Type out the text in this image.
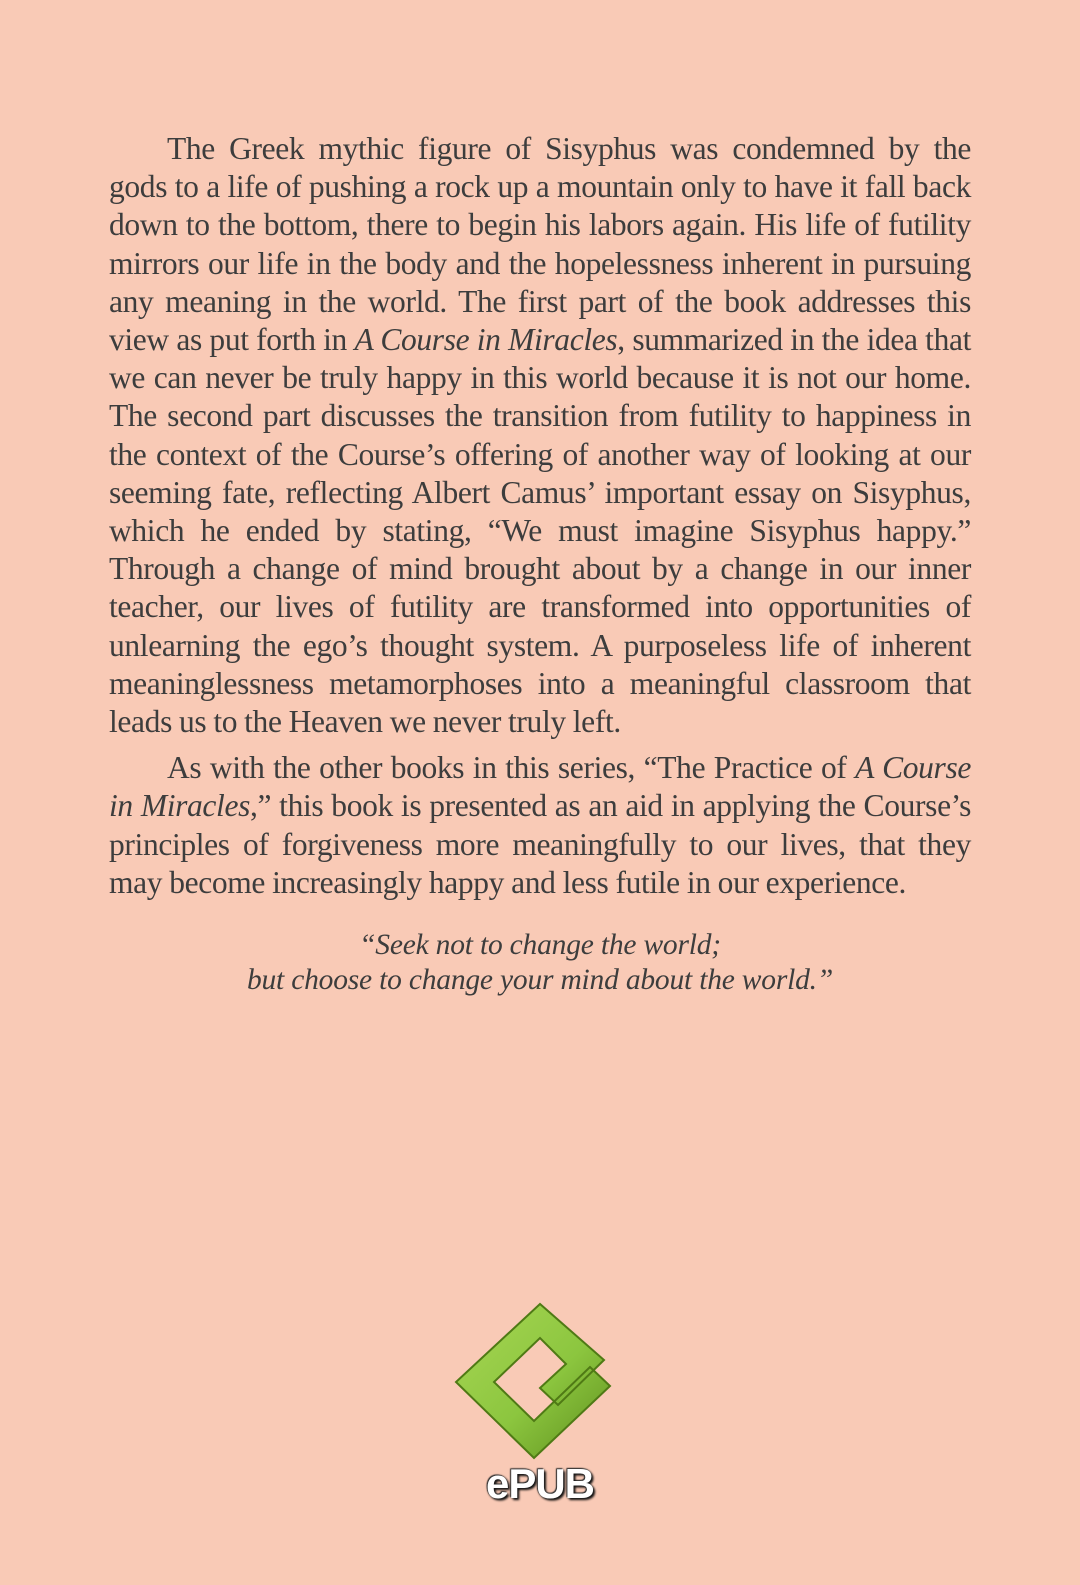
The Greek mythic figure of Sisyphus was condemned by the gods to a life of pushing a rock up a mountain only to have it fall back down to the bottom, there to begin his labors again. His life of futility mirrors our life in the body and the hopelessness inherent in pursuing any meaning in the world. The first part of the book addresses this view as put forth in A Course in Miracles, summarized in the idea that we can never be truly happy in this world because it is not our home. The second part discusses the transition from futility to happiness in the context of the Course’s offering of another way of looking at our seeming fate, reflecting Albert Camus’ important essay on Sisyphus, which he ended by stating, “We must imagine Sisyphus happy.” Through a change of mind brought about by a change in our inner teacher, our lives of futility are transformed into opportunities of unlearning the ego’s thought system. A purposeless life of inherent meaninglessness metamorphoses into a meaningful classroom that leads us to the Heaven we never truly left.

As with the other books in this series, “The Practice of A Course in Miracles,” this book is presented as an aid in applying the Course’s principles of forgiveness more meaningfully to our lives, that they may become increasingly happy and less futile in our experience.

“Seek not to change the world;
but choose to change your mind about the world.”
ePUB
